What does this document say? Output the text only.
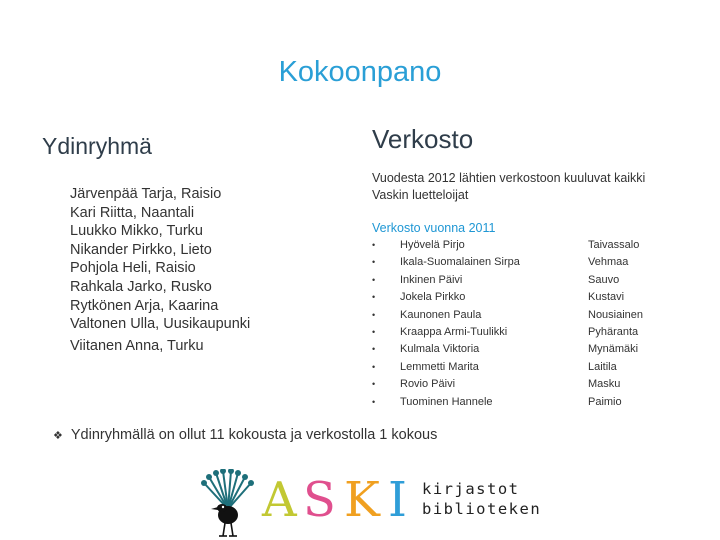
Kokoonpano
Ydinryhmä
Järvenpää Tarja, Raisio
Kari Riitta, Naantali
Luukko Mikko, Turku
Nikander Pirkko, Lieto
Pohjola Heli, Raisio
Rahkala Jarko, Rusko
Rytkönen Arja, Kaarina
Valtonen Ulla, Uusikaupunki
Viitanen Anna, Turku
Verkosto
Vuodesta 2012 lähtien verkostoon kuuluvat kaikki Vaskin luetteloijat
Verkosto vuonna 2011
• Hyövelä Pirjo	Taivassalo
• Ikala-Suomalainen Sirpa	Vehmaa
• Inkinen Päivi	Sauvo
• Jokela Pirkko	Kustavi
• Kaunonen Paula	Nousiainen
• Kraappa Armi-Tuulikki	Pyhäranta
• Kulmala Viktoria	Mynämäki
• Lemmetti Marita	Laitila
• Rovio Päivi	Masku
• Tuominen Hannele	Paimio
❖ Ydinryhmällä on ollut 11 kokousta ja verkostolla 1 kokous
A S K I kirjastot
biblioteken
